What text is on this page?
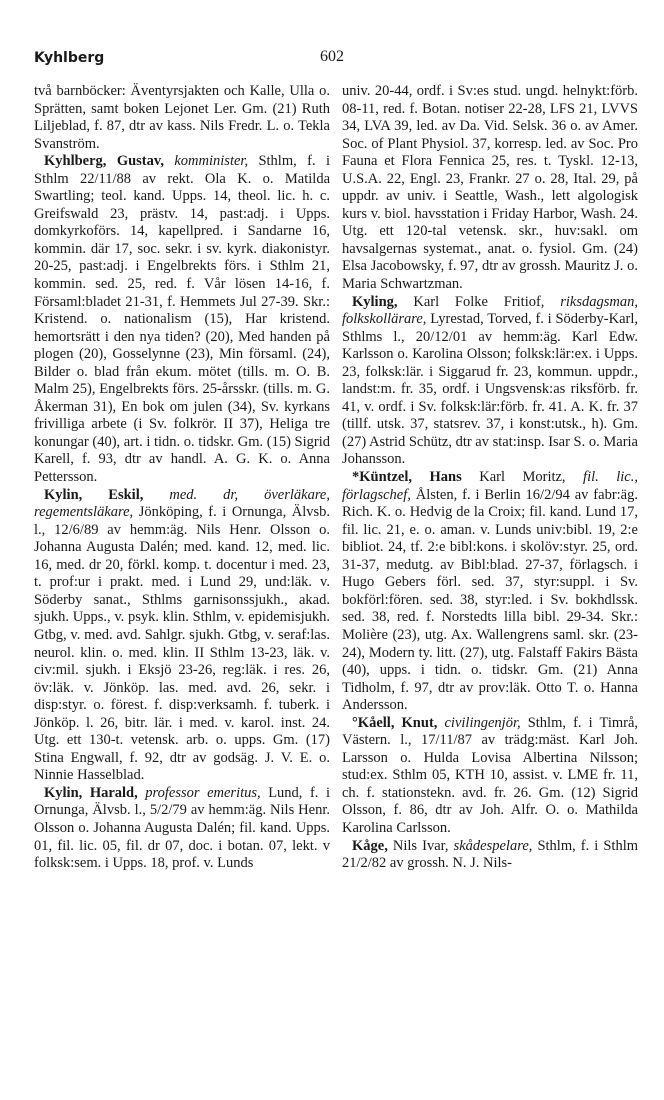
Kyhlberg	602

två barnböcker: Äventyrsjakten och Kalle, Ulla o. Sprätten, samt boken Lejonet Ler. Gm. (21) Ruth Liljeblad, f. 87, dtr av kass. Nils Fredr. L. o. Tekla Svanström.

Kyhlberg, Gustav, komminister, Sthlm, f. i Sthlm 22/11/88 av rekt. Ola K. o. Matilda Swartling; teol. kand. Upps. 14, theol. lic. h. c. Greifswald 23, prästv. 14, past:adj. i Upps. domkyrkoförs. 14, kapellpred. i Sandarne 16, kommin. där 17, soc. sekr. i sv. kyrk. diakonistyr. 20-25, past:adj. i Engelbrekts förs. i Sthlm 21, kommin. sed. 25, red. f. Vår lösen 14-16, f. Församl:bladet 21-31, f. Hemmets Jul 27-39. Skr.: Kristend. o. nationalism (15), Har kristend. hemortsrätt i den nya tiden? (20), Med handen på plogen (20), Gosselynne (23), Min församl. (24), Bilder o. blad från ekum. mötet (tills. m. O. B. Malm 25), Engelbrekts förs. 25-årsskr. (tills. m. G. Åkerman 31), En bok om julen (34), Sv. kyrkans frivilliga arbete (i Sv. folkrör. II 37), Heliga tre konungar (40), art. i tidn. o. tidskr. Gm. (15) Sigrid Karell, f. 93, dtr av handl. A. G. K. o. Anna Pettersson.

Kylin, Eskil, med. dr, överläkare, regementsläkare, Jönköping, f. i Ornunga, Älvsb. l., 12/6/89 av hemm:äg. Nils Henr. Olsson o. Johanna Augusta Dalén; med. kand. 12, med. lic. 16, med. dr 20, förkl. komp. t. docentur i med. 23, t. prof:ur i prakt. med. i Lund 29, und:läk. v. Söderby sanat., Sthlms garnisonssjukh., akad. sjukh. Upps., v. psyk. klin. Sthlm, v. epidemisjukh. Gtbg, v. med. avd. Sahlgr. sjukh. Gtbg, v. seraf:las. neurol. klin. o. med. klin. II Sthlm 13-23, läk. v. civ:mil. sjukh. i Eksjö 23-26, reg:läk. i res. 26, öv:läk. v. Jönköp. las. med. avd. 26, sekr. i disp:styr. o. förest. f. disp:verksamh. f. tuberk. i Jönköp. l. 26, bitr. lär. i med. v. karol. inst. 24. Utg. ett 130-t. vetensk. arb. o. upps. Gm. (17) Stina Engwall, f. 92, dtr av godsäg. J. V. E. o. Ninnie Hasselblad.

Kylin, Harald, professor emeritus, Lund, f. i Ornunga, Älvsb. l., 5/2/79 av hemm:äg. Nils Henr. Olsson o. Johanna Augusta Dalén; fil. kand. Upps. 01, fil. lic. 05, fil. dr 07, doc. i botan. 07, lekt. v folksk:sem. i Upps. 18, prof. v. Lunds

univ. 20-44, ordf. i Sv:es stud. ungd. helnykt:förb. 08-11, red. f. Botan. notiser 22-28, LFS 21, LVVS 34, LVA 39, led. av Da. Vid. Selsk. 36 o. av Amer. Soc. of Plant Physiol. 37, korresp. led. av Soc. Pro Fauna et Flora Fennica 25, res. t. Tyskl. 12-13, U.S.A. 22, Engl. 23, Frankr. 27 o. 28, Ital. 29, på uppdr. av univ. i Seattle, Wash., lett algologisk kurs v. biol. havsstation i Friday Harbor, Wash. 24. Utg. ett 120-tal vetensk. skr., huv:sakl. om havsalgernas systemat., anat. o. fysiol. Gm. (24) Elsa Jacobowsky, f. 97, dtr av grossh. Mauritz J. o. Maria Schwartzman.

Kyling, Karl Folke Fritiof, riksdagsman, folkskollärare, Lyrestad, Torved, f. i Söderby-Karl, Sthlms l., 20/12/01 av hemm:äg. Karl Edw. Karlsson o. Karolina Olsson; folksk:lär:ex. i Upps. 23, folksk:lär. i Siggarud fr. 23, kommun. uppdr., landst:m. fr. 35, ordf. i Ungsvensk:as riksförb. fr. 41, v. ordf. i Sv. folksk:lär:förb. fr. 41. A. K. fr. 37 (tillf. utsk. 37, statsrev. 37, i konst:utsk., h). Gm. (27) Astrid Schütz, dtr av stat:insp. Isar S. o. Maria Johansson.

*Küntzel, Hans Karl Moritz, fil. lic., förlagschef, Ålsten, f. i Berlin 16/2/94 av fabr:äg. Rich. K. o. Hedvig de la Croix; fil. kand. Lund 17, fil. lic. 21, e. o. aman. v. Lunds univ:bibl. 19, 2:e bibliot. 24, tf. 2:e bibl:kons. i skolöv:styr. 25, ord. 31-37, medutg. av Bibl:blad. 27-37, förlagsch. i Hugo Gebers förl. sed. 37, styr:suppl. i Sv. bokförl:fören. sed. 38, styr:led. i Sv. bokhdlssk. sed. 38, red. f. Norstedts lilla bibl. 29-34. Skr.: Molière (23), utg. Ax. Wallengrens saml. skr. (23-24), Modern ty. litt. (27), utg. Falstaff Fakirs Bästa (40), upps. i tidn. o. tidskr. Gm. (21) Anna Tidholm, f. 97, dtr av prov:läk. Otto T. o. Hanna Andersson.

°Kåell, Knut, civilingenjör, Sthlm, f. i Timrå, Västern. l., 17/11/87 av trädg:mäst. Karl Joh. Larsson o. Hulda Lovisa Albertina Nilsson; stud:ex. Sthlm 05, KTH 10, assist. v. LME fr. 11, ch. f. stationstekn. avd. fr. 26. Gm. (12) Sigrid Olsson, f. 86, dtr av Joh. Alfr. O. o. Mathilda Karolina Carlsson.

Kåge, Nils Ivar, skådespelare, Sthlm, f. i Sthlm 21/2/82 av grossh. N. J. Nils-
